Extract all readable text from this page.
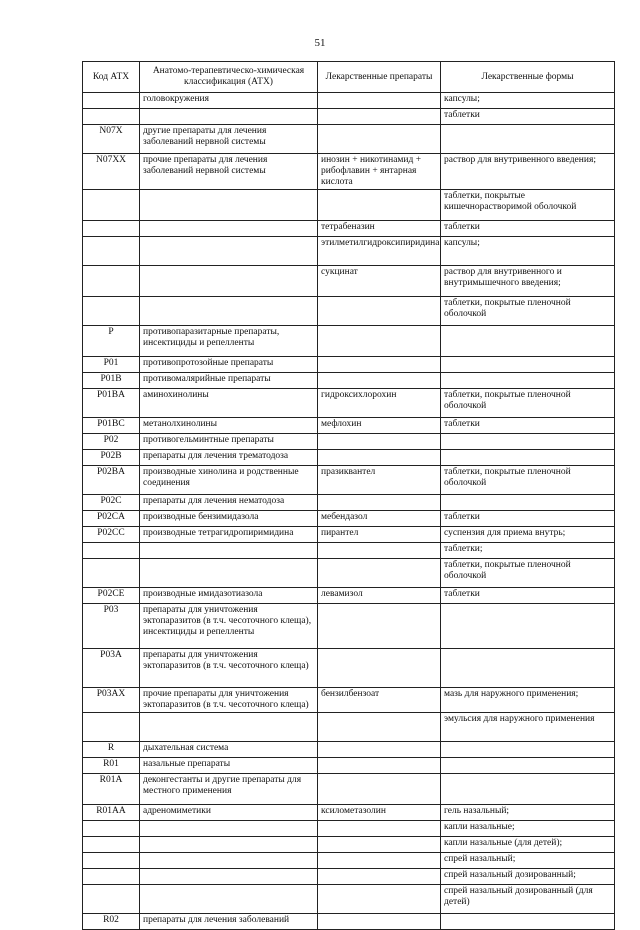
51
Код АТХ	Анатомо-терапевтическо-химическая классификация (АТХ)	Лекарственные препараты	Лекарственные формы
	головокружения		капсулы;
			таблетки
N07X	другие препараты для лечения заболеваний нервной системы		
N07XX	прочие препараты для лечения заболеваний нервной системы	инозин + никотинамид + рибофлавин + янтарная кислота	раствор для внутривенного введения;
			таблетки, покрытые кишечнорастворимой оболочкой
		тетрабеназин	таблетки
		этилметилгидроксипиридина	капсулы;
		сукцинат	раствор для внутривенного и внутримышечного введения;
			таблетки, покрытые пленочной оболочкой
P	противопаразитарные препараты, инсектициды и репелленты		
P01	противопротозойные препараты		
P01B	противомалярийные препараты		
P01BA	аминохинолины	гидроксихлорохин	таблетки, покрытые пленочной оболочкой
P01BC	метанолхинолины	мефлохин	таблетки
P02	противогельминтные препараты		
P02B	препараты для лечения трематодоза		
P02BA	производные хинолина и родственные соединения	празиквантел	таблетки, покрытые пленочной оболочкой
P02C	препараты для лечения нематодоза		
P02CA	производные бензимидазола	мебендазол	таблетки
P02CC	производные тетрагидропиримидина	пирантел	суспензия для приема внутрь;
			таблетки;
			таблетки, покрытые пленочной оболочкой
P02CE	производные имидазотиазола	левамизол	таблетки
P03	препараты для уничтожения эктопаразитов (в т.ч. чесоточного клеща), инсектициды и репелленты		
P03A	препараты для уничтожения эктопаразитов (в т.ч. чесоточного клеща)		
P03AX	прочие препараты для уничтожения эктопаразитов (в т.ч. чесоточного клеща)	бензилбензоат	мазь для наружного применения;
			эмульсия для наружного применения
R	дыхательная система		
R01	назальные препараты		
R01A	деконгестанты и другие препараты для местного применения		
R01AA	адреномиметики	ксилометазолин	гель назальный;
			капли назальные;
			капли назальные (для детей);
			спрей назальный;
			спрей назальный дозированный;
			спрей назальный дозированный (для детей)
R02	препараты для лечения заболеваний		
